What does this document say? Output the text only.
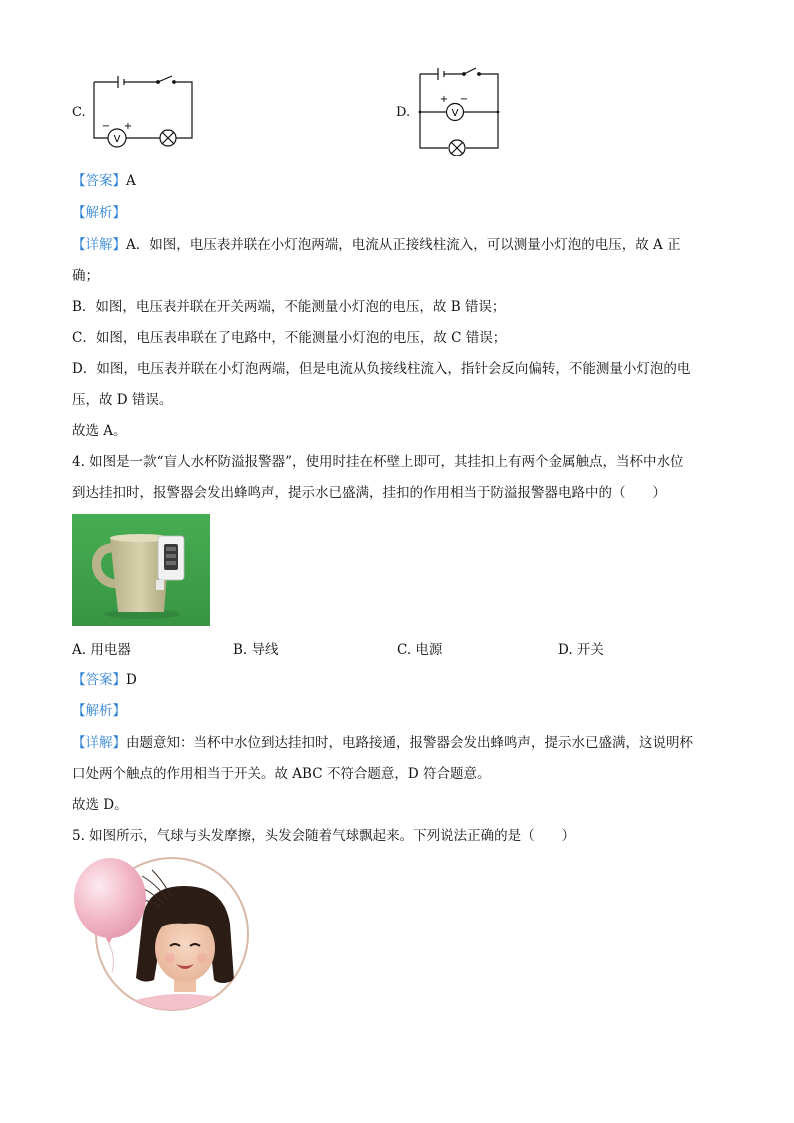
C.
V
− +
D.	V
+ −
【答案】A
【解析】
【详解】A．如图，电压表并联在小灯泡两端，电流从正接线柱流入，可以测量小灯泡的电压，故 A 正
确；
B．如图，电压表并联在开关两端，不能测量小灯泡的电压，故 B 错误；
C．如图，电压表串联在了电路中，不能测量小灯泡的电压，故 C 错误；
D．如图，电压表并联在小灯泡两端，但是电流从负接线柱流入，指针会反向偏转，不能测量小灯泡的电
压，故 D 错误。
故选 A。
4. 如图是一款“盲人水杯防溢报警器”，使用时挂在杯壁上即可，其挂扣上有两个金属触点，当杯中水位
到达挂扣时，报警器会发出蜂鸣声，提示水已盛满，挂扣的作用相当于防溢报警器电路中的（　　）
A. 用电器	B. 导线	C. 电源	D. 开关
【答案】D
【解析】
【详解】由题意知：当杯中水位到达挂扣时，电路接通，报警器会发出蜂鸣声，提示水已盛满，这说明杯
口处两个触点的作用相当于开关。故 ABC 不符合题意，D 符合题意。
故选 D。
5. 如图所示，气球与头发摩擦，头发会随着气球飘起来。下列说法正确的是（　　）
